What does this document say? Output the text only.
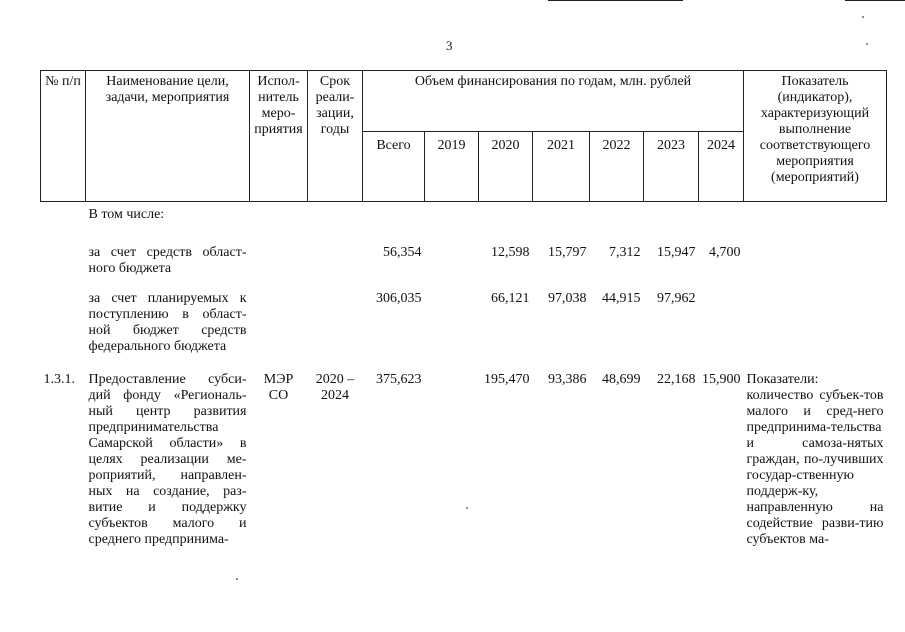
3
№ п/п	Наименование цели, задачи, мероприятия	Испол-нитель меро-приятия	Срок реали-зации, годы	Объем финансирования по годам, млн. рублей							Показатель (индикатор), характеризующий выполнение соответствующего мероприятия (мероприятий)
				Всего	2019	2020	2021	2022	2023	2024	
	В том числе:										
	за счет средств област-ного бюджета			56,354		12,598	15,797	7,312	15,947	4,700	
	за счет планируемых к поступлению в област-ной бюджет средств федерального бюджета			306,035		66,121	97,038	44,915	97,962		
1.3.1.	Предоставление субси-дий фонду «Региональ-ный центр развития предпринимательства Самарской области» в целях реализации ме-роприятий, направлен-ных на создание, раз-витие и поддержку субъектов малого и среднего предпринима-	МЭР СО	2020 – 2024	375,623		195,470	93,386	48,699	22,168	15,900	Показатели: количество субъек-тов малого и сред-него предпринима-тельства и самоза-нятых граждан, по-лучивших государ-ственную поддерж-ку, направленную на содействие разви-тию субъектов ма-
